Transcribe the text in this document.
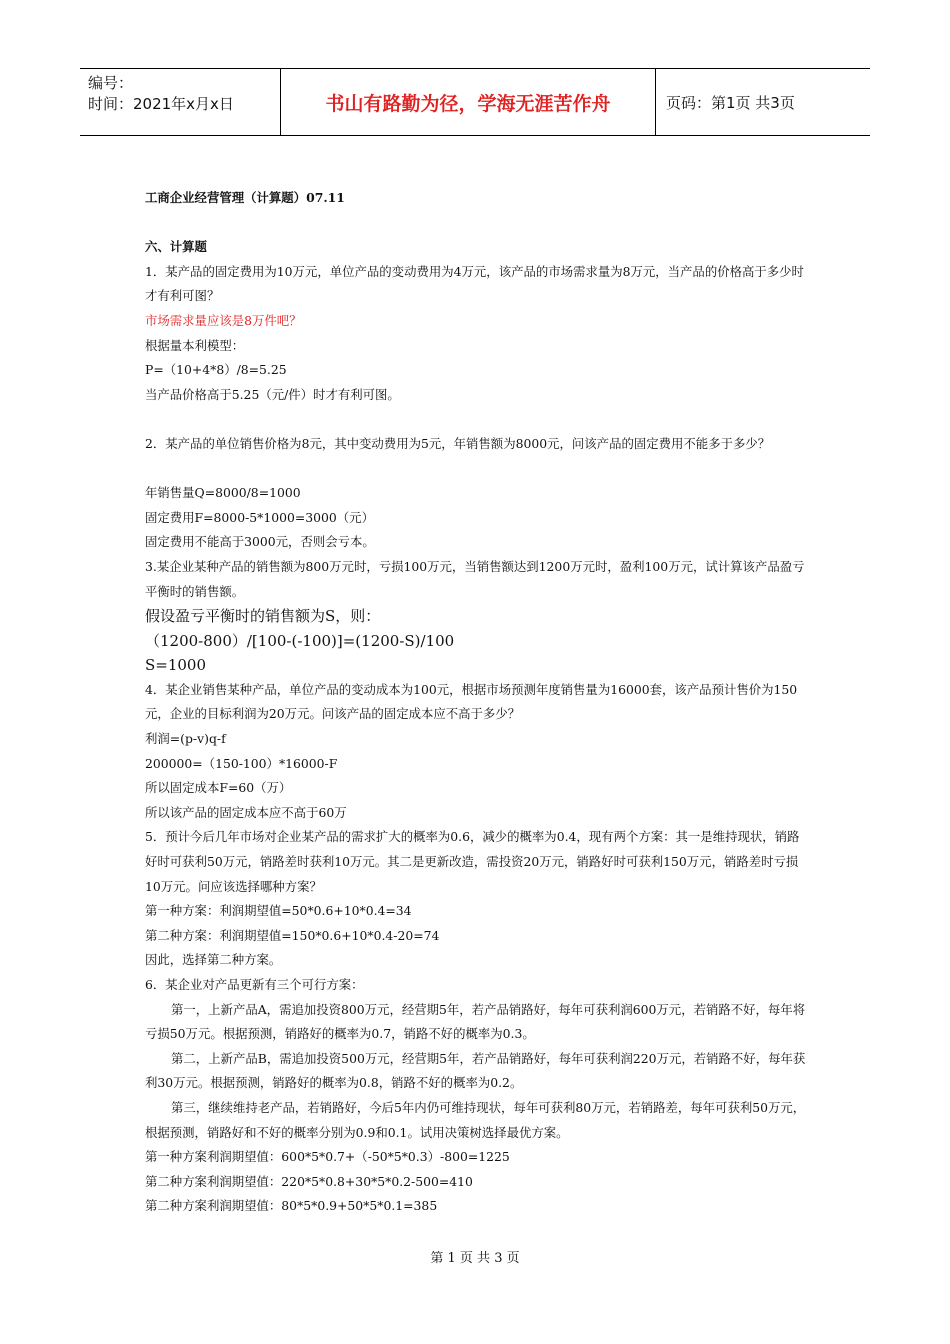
编号：
时间：2021年x月x日	书山有路勤为径，学海无涯苦作舟	页码：第1页 共3页
工商企业经营管理（计算题）07.11
六、计算题
1．某产品的固定费用为10万元，单位产品的变动费用为4万元，该产品的市场需求量为8万元，当产品的价格高于多少时才有利可图？
市场需求量应该是8万件吧？
根据量本利模型：
P=（10+4*8）/8=5.25
当产品价格高于5.25（元/件）时才有利可图。
2．某产品的单位销售价格为8元，其中变动费用为5元，年销售额为8000元，问该产品的固定费用不能多于多少？
年销售量Q=8000/8=1000
固定费用F=8000-5*1000=3000（元）
固定费用不能高于3000元，否则会亏本。
3.某企业某种产品的销售额为800万元时，亏损100万元，当销售额达到1200万元时，盈利100万元，试计算该产品盈亏平衡时的销售额。
假设盈亏平衡时的销售额为S，则：
（1200-800）/[100-(-100)]=(1200-S)/100
S=1000
4．某企业销售某种产品，单位产品的变动成本为100元，根据市场预测年度销售量为16000套，该产品预计售价为150元，企业的目标利润为20万元。问该产品的固定成本应不高于多少？
利润=(p-v)q-f
200000=（150-100）*16000-F
所以固定成本F=60（万）
所以该产品的固定成本应不高于60万
5．预计今后几年市场对企业某产品的需求扩大的概率为0.6，减少的概率为0.4，现有两个方案：其一是维持现状，销路好时可获利50万元，销路差时获利10万元。其二是更新改造，需投资20万元，销路好时可获利150万元，销路差时亏损10万元。问应该选择哪种方案？
第一种方案：利润期望值=50*0.6+10*0.4=34
第二种方案：利润期望值=150*0.6+10*0.4-20=74
因此，选择第二种方案。
6．某企业对产品更新有三个可行方案：
第一，上新产品A，需追加投资800万元，经营期5年，若产品销路好，每年可获利润600万元，若销路不好，每年将亏损50万元。根据预测，销路好的概率为0.7，销路不好的概率为0.3。
第二，上新产品B，需追加投资500万元，经营期5年，若产品销路好，每年可获利润220万元，若销路不好，每年获利30万元。根据预测，销路好的概率为0.8，销路不好的概率为0.2。
第三，继续维持老产品，若销路好，今后5年内仍可维持现状，每年可获利80万元，若销路差，每年可获利50万元，根据预测，销路好和不好的概率分别为0.9和0.1。试用决策树选择最优方案。
第一种方案利润期望值：600*5*0.7+（-50*5*0.3）-800=1225
第二种方案利润期望值：220*5*0.8+30*5*0.2-500=410
第二种方案利润期望值：80*5*0.9+50*5*0.1=385
第 1 页 共 3 页
